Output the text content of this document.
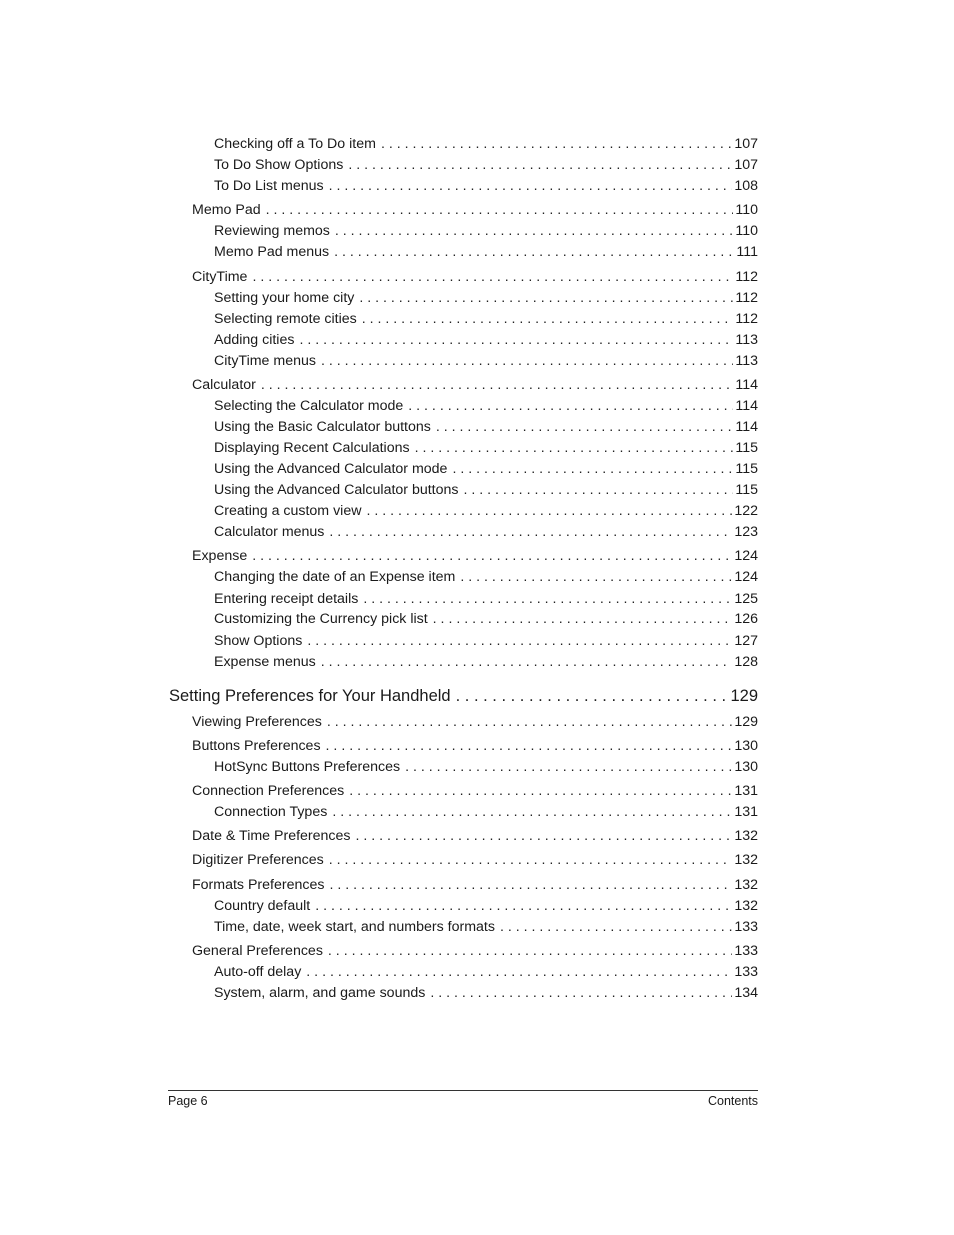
Checking off a To Do item . . .	107
To Do Show Options . . .	107
To Do List menus . . .	108
Memo Pad . . .	110
Reviewing memos . . .	110
Memo Pad menus . . .	111
CityTime . . .	112
Setting your home city . . .	112
Selecting remote cities . . .	112
Adding cities . . .	113
CityTime menus . . .	113
Calculator . . .	114
Selecting the Calculator mode . . .	114
Using the Basic Calculator buttons . . .	114
Displaying Recent Calculations . . .	115
Using the Advanced Calculator mode . . .	115
Using the Advanced Calculator buttons . . .	115
Creating a custom view . . .	122
Calculator menus . . .	123
Expense . . .	124
Changing the date of an Expense item . . .	124
Entering receipt details . . .	125
Customizing the Currency pick list . . .	126
Show Options . . .	127
Expense menus . . .	128
Setting Preferences for Your Handheld . . .	129
Viewing Preferences . . .	129
Buttons Preferences . . .	130
HotSync Buttons Preferences . . .	130
Connection Preferences . . .	131
Connection Types . . .	131
Date & Time Preferences . . .	132
Digitizer Preferences . . .	132
Formats Preferences . . .	132
Country default . . .	132
Time, date, week start, and numbers formats . . .	133
General Preferences . . .	133
Auto-off delay . . .	133
System, alarm, and game sounds . . .	134
Page 6	Contents
